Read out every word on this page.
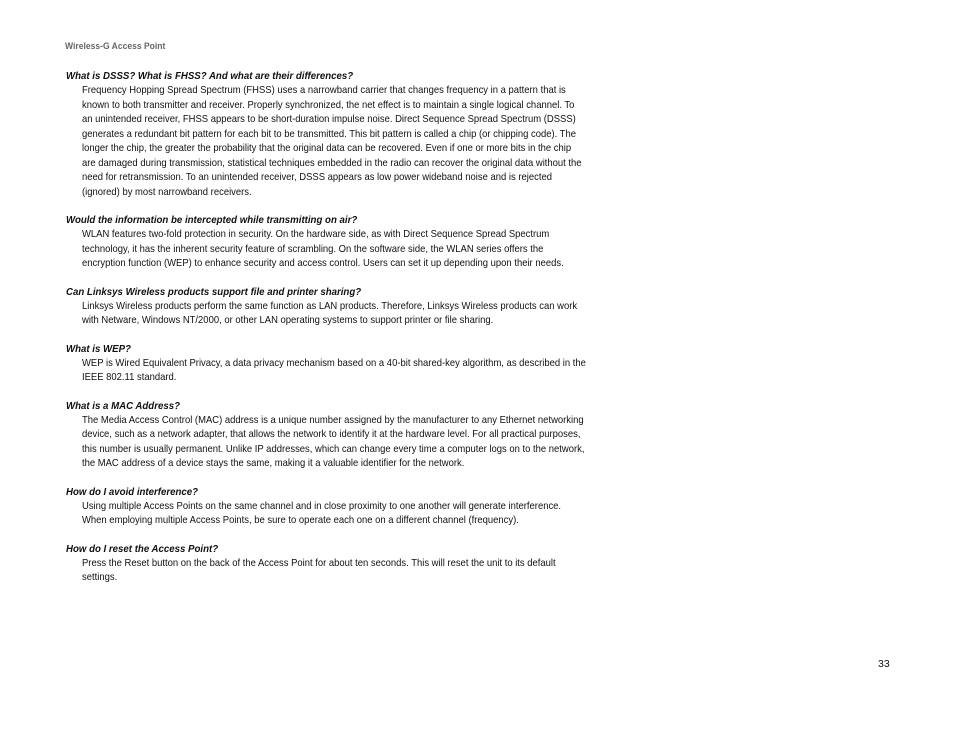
Wireless-G Access Point

What is DSSS? What is FHSS? And what are their differences?

Frequency Hopping Spread Spectrum (FHSS) uses a narrowband carrier that changes frequency in a pattern that is known to both transmitter and receiver. Properly synchronized, the net effect is to maintain a single logical channel. To an unintended receiver, FHSS appears to be short-duration impulse noise. Direct Sequence Spread Spectrum (DSSS) generates a redundant bit pattern for each bit to be transmitted. This bit pattern is called a chip (or chipping code). The longer the chip, the greater the probability that the original data can be recovered. Even if one or more bits in the chip are damaged during transmission, statistical techniques embedded in the radio can recover the original data without the need for retransmission. To an unintended receiver, DSSS appears as low power wideband noise and is rejected (ignored) by most narrowband receivers.

Would the information be intercepted while transmitting on air?

WLAN features two-fold protection in security. On the hardware side, as with Direct Sequence Spread Spectrum technology, it has the inherent security feature of scrambling. On the software side, the WLAN series offers the encryption function (WEP) to enhance security and access control. Users can set it up depending upon their needs.

Can Linksys Wireless products support file and printer sharing?

Linksys Wireless products perform the same function as LAN products. Therefore, Linksys Wireless products can work with Netware, Windows NT/2000, or other LAN operating systems to support printer or file sharing.

What is WEP?

WEP is Wired Equivalent Privacy, a data privacy mechanism based on a 40-bit shared-key algorithm, as described in the IEEE 802.11 standard.

What is a MAC Address?

The Media Access Control (MAC) address is a unique number assigned by the manufacturer to any Ethernet networking device, such as a network adapter, that allows the network to identify it at the hardware level. For all practical purposes, this number is usually permanent. Unlike IP addresses, which can change every time a computer logs on to the network, the MAC address of a device stays the same, making it a valuable identifier for the network.

How do I avoid interference?

Using multiple Access Points on the same channel and in close proximity to one another will generate interference. When employing multiple Access Points, be sure to operate each one on a different channel (frequency).

How do I reset the Access Point?

Press the Reset button on the back of the Access Point for about ten seconds. This will reset the unit to its default settings.

33
